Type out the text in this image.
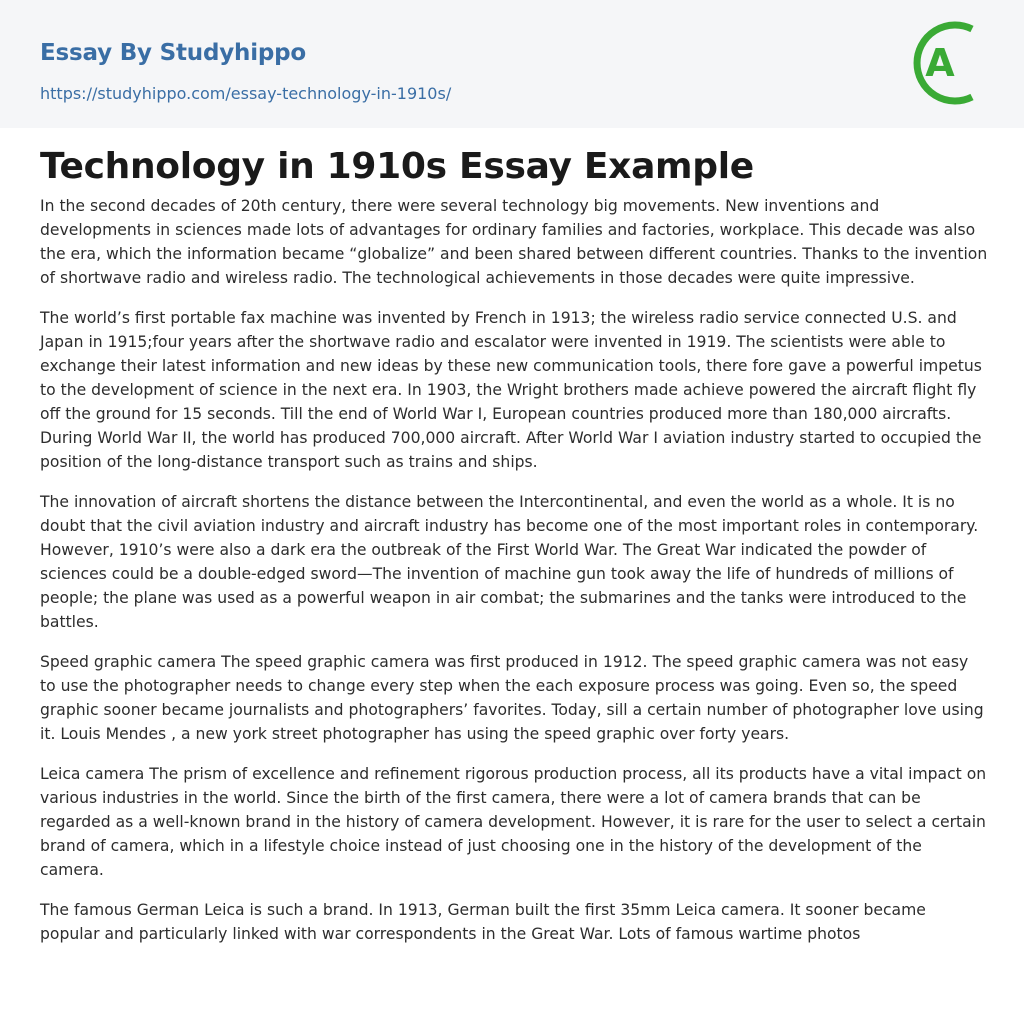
Essay By Studyhippo
https://studyhippo.com/essay-technology-in-1910s/
A
Technology in 1910s Essay Example

In the second decades of 20th century, there were several technology big movements. New inventions and developments in sciences made lots of advantages for ordinary families and factories, workplace. This decade was also the era, which the information became “globalize” and been shared between different countries. Thanks to the invention of shortwave radio and wireless radio. The technological achievements in those decades were quite impressive.

The world’s first portable fax machine was invented by French in 1913; the wireless radio service connected U.S. and Japan in 1915;four years after the shortwave radio and escalator were invented in 1919. The scientists were able to exchange their latest information and new ideas by these new communication tools, there fore gave a powerful impetus to the development of science in the next era. In 1903, the Wright brothers made achieve powered the aircraft flight fly off the ground for 15 seconds. Till the end of World War I, European countries produced more than 180,000 aircrafts. During World War II, the world has produced 700,000 aircraft. After World War I aviation industry started to occupied the position of the long-distance transport such as trains and ships.

The innovation of aircraft shortens the distance between the Intercontinental, and even the world as a whole. It is no doubt that the civil aviation industry and aircraft industry has become one of the most important roles in contemporary. However, 1910’s were also a dark era the outbreak of the First World War. The Great War indicated the powder of sciences could be a double-edged sword—The invention of machine gun took away the life of hundreds of millions of people; the plane was used as a powerful weapon in air combat; the submarines and the tanks were introduced to the battles.

Speed graphic camera The speed graphic camera was first produced in 1912. The speed graphic camera was not easy to use the photographer needs to change every step when the each exposure process was going. Even so, the speed graphic sooner became journalists and photographers’ favorites. Today, sill a certain number of photographer love using it. Louis Mendes , a new york street photographer has using the speed graphic over forty years.

Leica camera The prism of excellence and refinement rigorous production process, all its products have a vital impact on various industries in the world. Since the birth of the first camera, there were a lot of camera brands that can be regarded as a well-known brand in the history of camera development. However, it is rare for the user to select a certain brand of camera, which in a lifestyle choice instead of just choosing one in the history of the development of the camera.

The famous German Leica is such a brand. In 1913, German built the first 35mm Leica camera. It sooner became popular and particularly linked with war correspondents in the Great War. Lots of famous wartime photos
